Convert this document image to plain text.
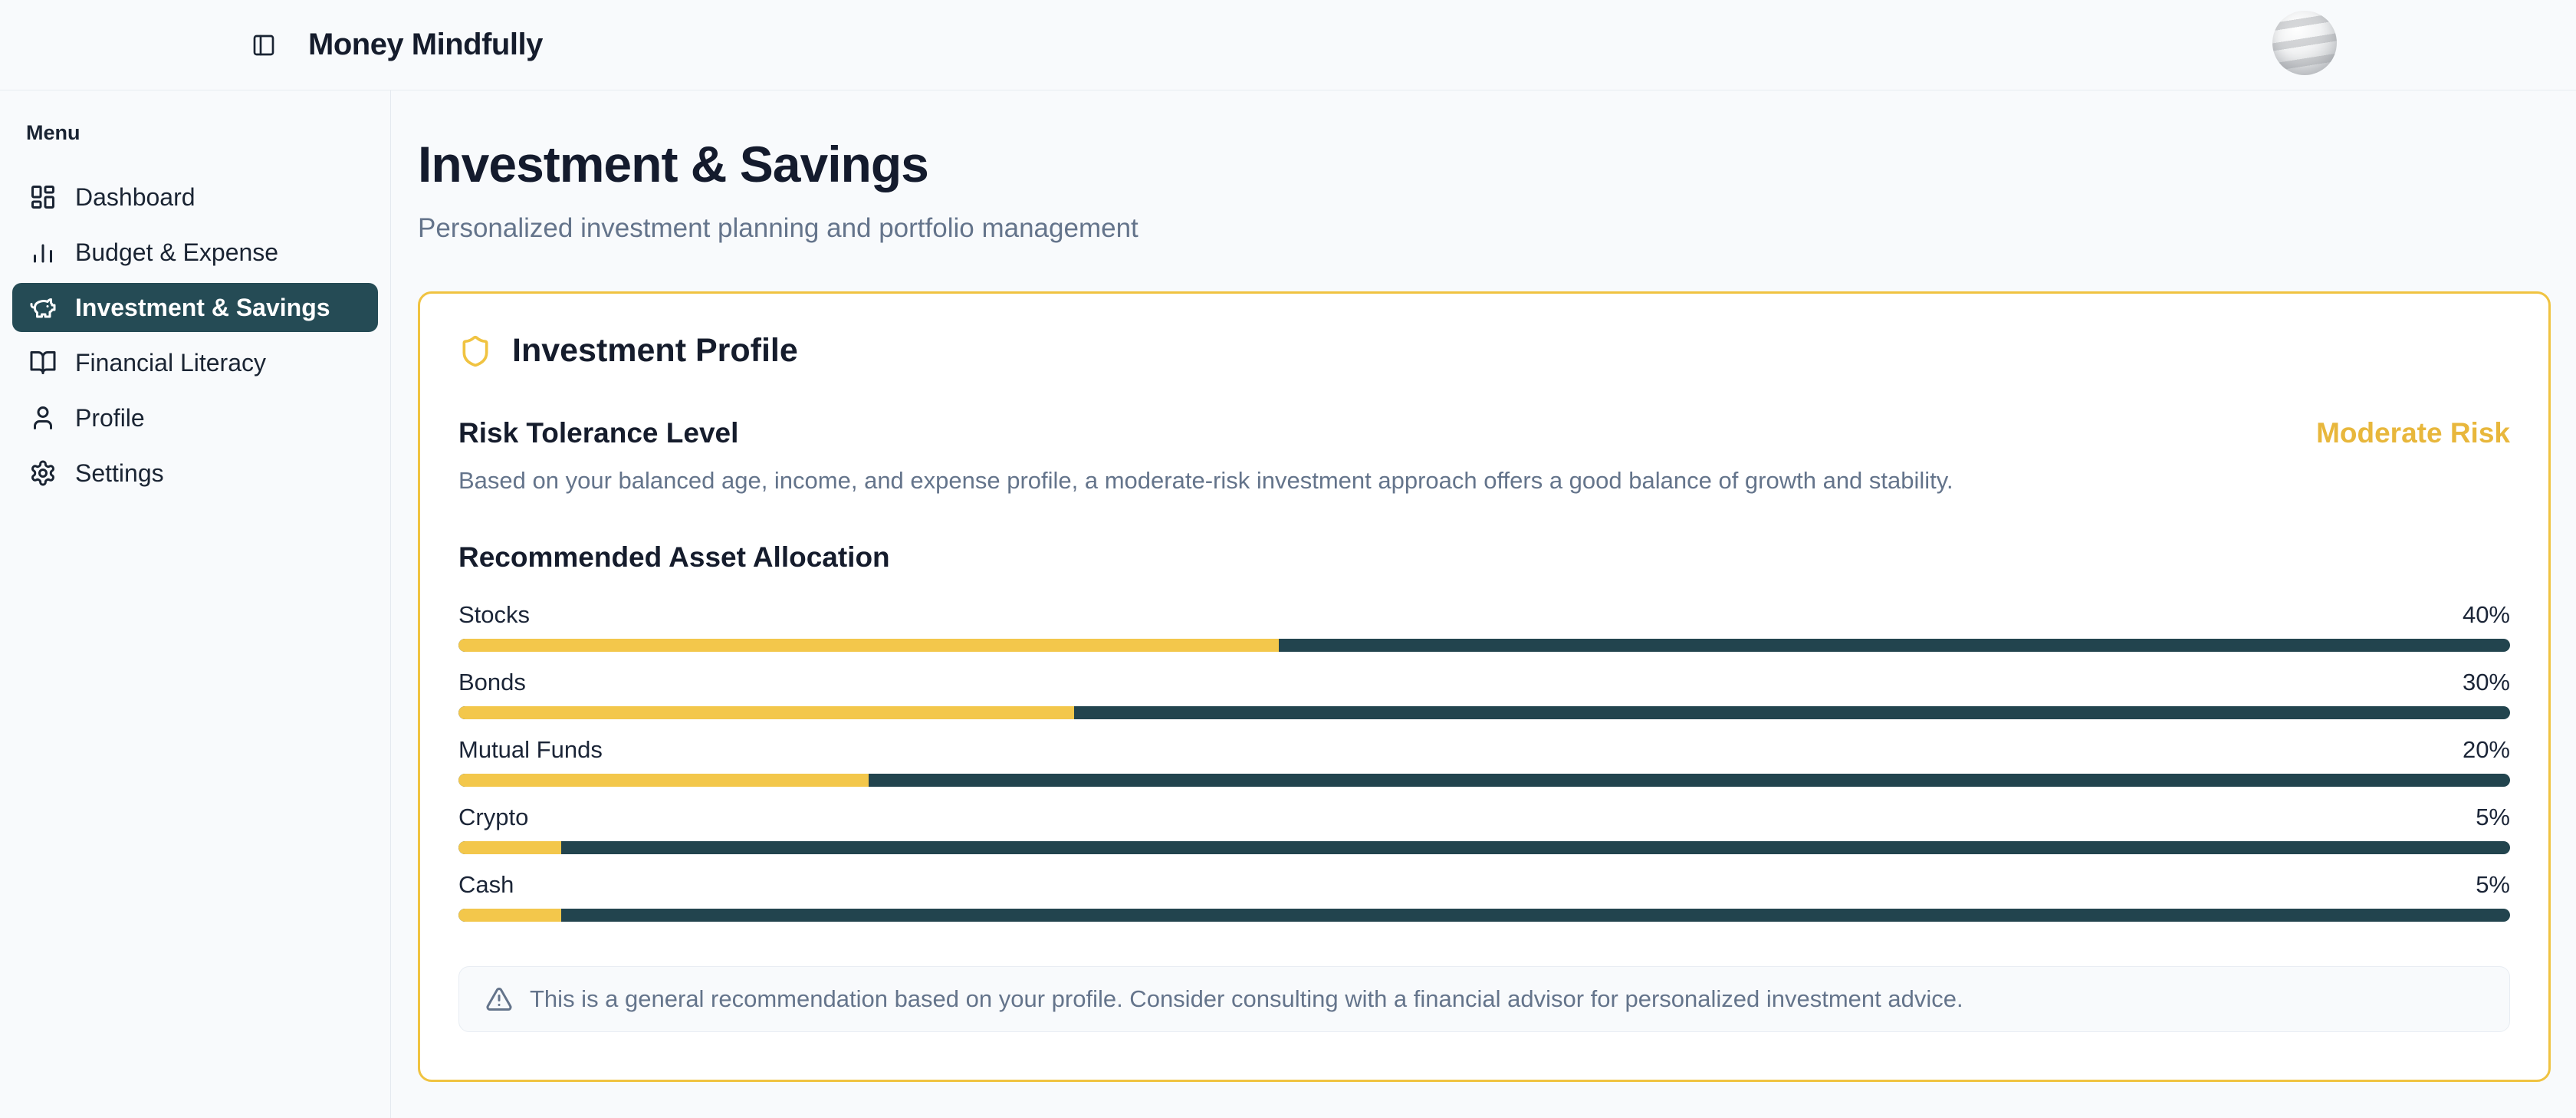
Money Mindfully
Menu
Dashboard
Budget & Expense
Investment & Savings
Financial Literacy
Profile
Settings
Investment & Savings
Personalized investment planning and portfolio management
Investment Profile
Risk Tolerance Level	Moderate Risk

Based on your balanced age, income, and expense profile, a moderate-risk investment approach offers a good balance of growth and stability.

Recommended Asset Allocation
Stocks	40%
Bonds	30%
Mutual Funds	20%
Crypto	5%
Cash	5%
This is a general recommendation based on your profile. Consider consulting with a financial advisor for personalized investment advice.
